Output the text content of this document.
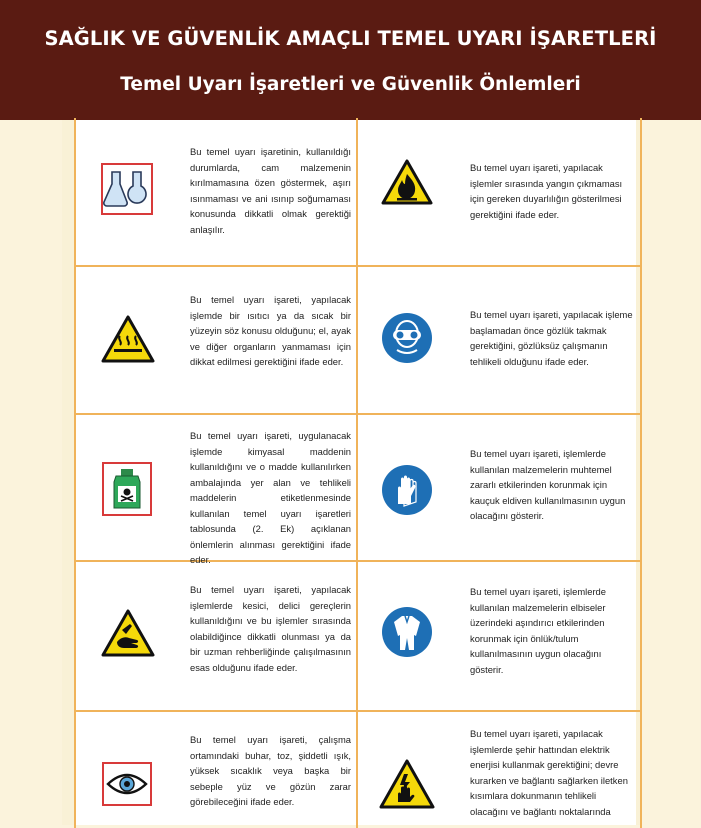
SAĞLIK VE GÜVENLİK AMAÇLI TEMEL UYARI İŞARETLERİ
Temel Uyarı İşaretleri ve Güvenlik Önlemleri
Bu temel uyarı işaretinin, kullanıldığı durumlarda, cam malzemenin kırılmamasına özen göstermek, aşırı ısınmaması ve ani ısınıp soğumaması konusunda dikkatli olmak gerektiği anlaşılır.
Bu temel uyarı işareti, yapılacak işlemler sırasında yangın çıkmaması için gereken duyarlılığın gösterilmesi gerektiğini ifade eder.
Bu temel uyarı işareti, yapılacak işlemde bir ısıtıcı ya da sıcak bir yüzeyin söz konusu olduğunu; el, ayak ve diğer organların yanmaması için dikkat edilmesi gerektiğini ifade eder.
Bu temel uyarı işareti, yapılacak işleme başlamadan önce gözlük takmak gerektiğini, gözlüksüz çalışmanın tehlikeli olduğunu ifade eder.
Bu temel uyarı işareti, uygulanacak işlemde kimyasal maddenin kullanıldığını ve o madde kullanılırken ambalajında yer alan ve tehlikeli maddelerin etiketlenmesinde kullanılan temel uyarı işaretleri tablosunda (2. Ek) açıklanan önlemlerin alınması gerektiğini ifade eder.
Bu temel uyarı işareti, işlemlerde kullanılan malzemelerin muhtemel zararlı etkilerinden korunmak için kauçuk eldiven kullanılmasının uygun olacağını gösterir.
Bu temel uyarı işareti, yapılacak işlemlerde kesici, delici gereçlerin kullanıldığını ve bu işlemler sırasında olabildiğince dikkatli olunması ya da bir uzman rehberliğinde çalışılmasının esas olduğunu ifade eder.
Bu temel uyarı işareti, işlemlerde kullanılan malzemelerin elbiseler üzerindeki aşındırıcı etkilerinden korunmak için önlük/tulum kullanılmasının uygun olacağını gösterir.
Bu temel uyarı işareti, çalışma ortamındaki buhar, toz, şiddetli ışık, yüksek sıcaklık veya başka bir sebeple yüz ve gözün zarar görebileceğini ifade eder.
Bu temel uyarı işareti, yapılacak işlemlerde şehir hattından elektrik enerjisi kullanmak gerektiğini; devre kurarken ve bağlantı sağlarken iletken kısımlara dokunmanın tehlikeli olacağını ve bağlantı noktalarında
